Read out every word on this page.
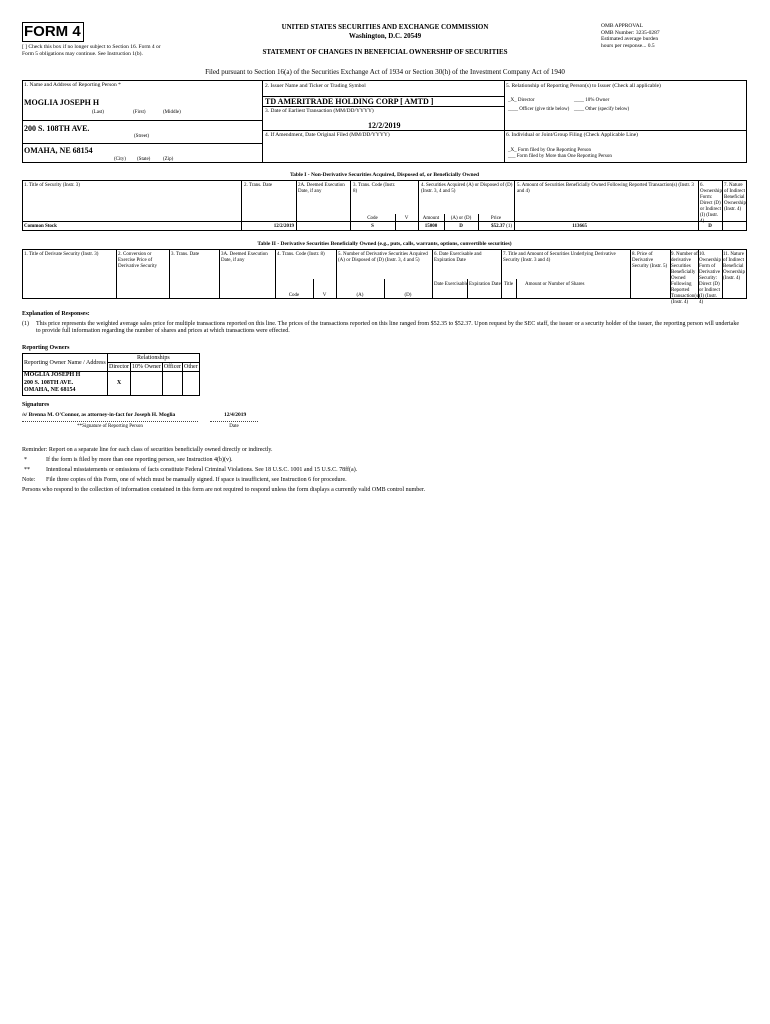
FORM 4
[ ] Check this box if no longer subject to Section 16. Form 4 or Form 5 obligations may continue. See Instruction 1(b).
UNITED STATES SECURITIES AND EXCHANGE COMMISSION
Washington, D.C. 20549
STATEMENT OF CHANGES IN BENEFICIAL OWNERSHIP OF SECURITIES
OMB APPROVAL
OMB Number: 3235-0287
Estimated average burden
hours per response... 0.5
Filed pursuant to Section 16(a) of the Securities Exchange Act of 1934 or Section 30(h) of the Investment Company Act of 1940
1. Name and Address of Reporting Person *
MOGLIA JOSEPH H
(Last)	(First)	(Middle)
200 S. 108TH AVE.
(Street)
OMAHA, NE 68154
(City) (State)	(Zip)
2. Issuer Name and Ticker or Trading Symbol
TD AMERITRADE HOLDING CORP [ AMTD ]
3. Date of Earliest Transaction (MM/DD/YYYY)
12/2/2019
4. If Amendment, Date Original Filed (MM/DD/YYYY)
5. Relationship of Reporting Person(s) to Issuer (Check all applicable)
_X_ Director	____ 10% Owner
____ Officer (give title below) ____ Other (specify below)
6. Individual or Joint/Group Filing (Check Applicable Line)
_X_ Form filed by One Reporting Person
___ Form filed by More than One Reporting Person
Table I - Non-Derivative Securities Acquired, Disposed of, or Beneficially Owned
1. Title of Security (Instr. 3)	2. Trans. Date	2A. Deemed Execution Date, if any
3. Trans. Code (Instr. 8)
4. Securities Acquired (A) or Disposed of (D) (Instr. 3, 4 and 5)
5. Amount of Securities Beneficially Owned Following Reported Transaction(s) (Instr. 3 and 4)
6. Ownership Form: Direct (D) or Indirect (I) (Instr. 4)
7. Nature of Indirect Beneficial Ownership (Instr. 4)
Code	V	Amount	(A) or (D)	Price
Common Stock	12/2/2019	S	15000	D	$52.37 (1)	113665	D
Table II - Derivative Securities Beneficially Owned (e.g., puts, calls, warrants, options, convertible securities)
1. Title of Derivate Security (Instr. 3)	2. Conversion or Exercise Price of Derivative Security
3. Trans. Date	3A. Deemed Execution Date, if any
4. Trans. Code (Instr. 8)	5. Number of Derivative Securities Acquired (A) or Disposed of (D) (Instr. 3, 4 and 5)
6. Date Exercisable and Expiration Date
7. Title and Amount of Securities Underlying Derivative Security (Instr. 3 and 4)
8. Price of Derivative Security (Instr. 5)
9. Number of derivative Securities Beneficially Owned Following Reported Transaction(s) (Instr. 4)
10. Ownership Form of Derivative Security: Direct (D) or Indirect (I) (Instr. 4)
11. Nature of Indirect Beneficial Ownership (Instr. 4)
Date Exercisable Expiration Date Title	Amount or Number of Shares
Code	V	(A)	(D)
Explanation of Responses:
(1) This price represents the weighted average sales price for multiple transactions reported on this line. The prices of the transactions reported on this line ranged from $52.35 to $52.37. Upon request by the SEC staff, the issuer or a security holder of the issuer, the reporting person will undertake to provide full information regarding the number of shares and prices at which transactions were effected.
Reporting Owners
Reporting Owner Name / Address	Relationships			
	Director	10% Owner	Officer	Other

MOGLIA JOSEPH H
200 S. 108TH AVE.
OMAHA, NE 68154	X			
Signatures
/s/ Brenna M. O'Connor, as attorney-in-fact for Joseph H. Moglia	12/4/2019
**Signature of Reporting Person	Date
Reminder: Report on a separate line for each class of securities beneficially owned directly or indirectly.
*	If the form is filed by more than one reporting person, see Instruction 4(b)(v).
**	Intentional misstatements or omissions of facts constitute Federal Criminal Violations. See 18 U.S.C. 1001 and 15 U.S.C. 78ff(a).
Note: File three copies of this Form, one of which must be manually signed. If space is insufficient, see Instruction 6 for procedure.
Persons who respond to the collection of information contained in this form are not required to respond unless the form displays a currently valid OMB control number.
